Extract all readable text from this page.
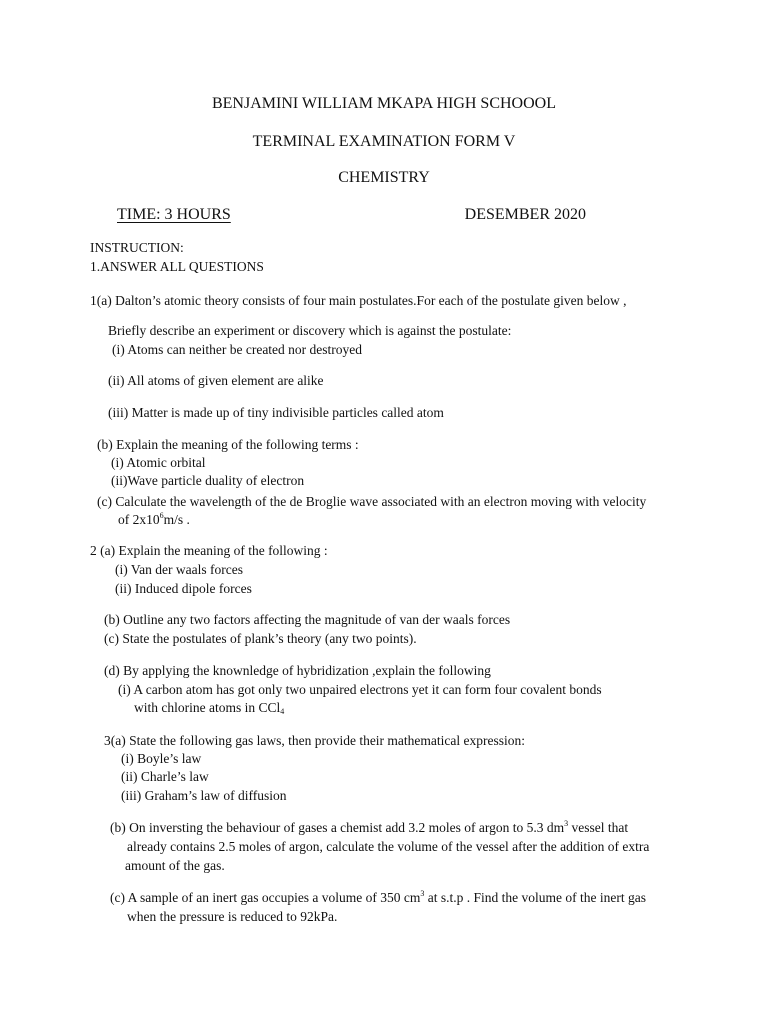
BENJAMINI WILLIAM MKAPA HIGH SCHOOOL
TERMINAL EXAMINATION FORM V
CHEMISTRY
TIME: 3 HOURS	DESEMBER 2020
INSTRUCTION:
1.ANSWER ALL QUESTIONS
1(a) Dalton’s atomic theory consists of four main postulates.For each of the postulate given below ,
Briefly describe an experiment or discovery which is against the postulate:
(i) Atoms can neither be created nor destroyed
(ii) All atoms of given element are alike
(iii) Matter is made up of tiny indivisible particles called atom
(b) Explain the meaning of the following terms :
(i) Atomic orbital
(ii)Wave particle duality of electron
(c) Calculate the wavelength of the de Broglie wave associated with an electron moving with velocity
of $2x10^6m/s$ .
2 (a) Explain the meaning of the following :
(i) Van der waals forces
(ii) Induced dipole forces
(b) Outline any two factors affecting the magnitude of van der waals forces
(c) State the postulates of plank’s theory (any two points).
(d) By applying the knownledge of hybridization ,explain the following
(i) A carbon atom has got only two unpaired electrons yet it can form four covalent bonds
with chlorine atoms in CCl$_4$
3(a) State the following gas laws, then provide their mathematical expression:
(i) Boyle’s law
(ii) Charle’s law
(iii) Graham’s law of diffusion
(b) On inversting the behaviour of gases a chemist add 3.2 moles of argon to 5.3 $dm^3$ vessel that
already contains 2.5 moles of argon, calculate the volume of the vessel after the addition of extra
amount of the gas.
(c) A sample of an inert gas occupies a volume of 350 $cm^3$ at s.t.p . Find the volume of the inert gas
when the pressure is reduced to 92kPa.
